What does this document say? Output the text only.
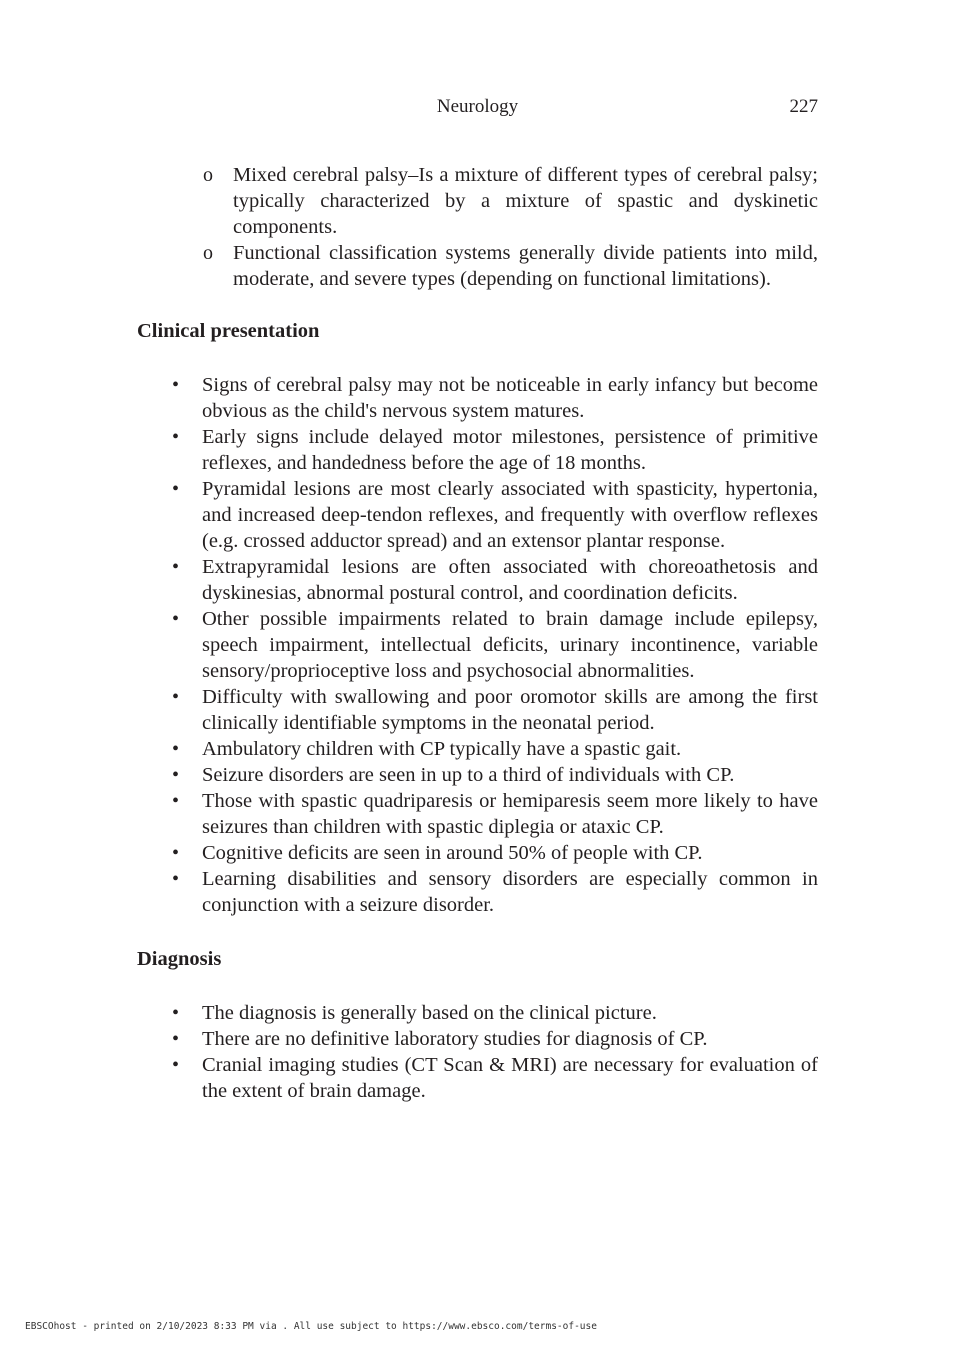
Neurology	227
o Mixed cerebral palsy–Is a mixture of different types of cerebral palsy; typically characterized by a mixture of spastic and dyskinetic components.
o Functional classification systems generally divide patients into mild, moderate, and severe types (depending on functional limitations).
Clinical presentation
• Signs of cerebral palsy may not be noticeable in early infancy but become obvious as the child's nervous system matures.
• Early signs include delayed motor milestones, persistence of primitive reflexes, and handedness before the age of 18 months.
• Pyramidal lesions are most clearly associated with spasticity, hypertonia, and increased deep-tendon reflexes, and frequently with overflow reflexes (e.g. crossed adductor spread) and an extensor plantar response.
• Extrapyramidal lesions are often associated with choreoathetosis and dyskinesias, abnormal postural control, and coordination deficits.
• Other possible impairments related to brain damage include epilepsy, speech impairment, intellectual deficits, urinary incontinence, variable sensory/proprioceptive loss and psychosocial abnormalities.
• Difficulty with swallowing and poor oromotor skills are among the first clinically identifiable symptoms in the neonatal period.
• Ambulatory children with CP typically have a spastic gait.
• Seizure disorders are seen in up to a third of individuals with CP.
• Those with spastic quadriparesis or hemiparesis seem more likely to have seizures than children with spastic diplegia or ataxic CP.
• Cognitive deficits are seen in around 50% of people with CP.
• Learning disabilities and sensory disorders are especially common in conjunction with a seizure disorder.
Diagnosis
• The diagnosis is generally based on the clinical picture.
• There are no definitive laboratory studies for diagnosis of CP.
• Cranial imaging studies (CT Scan & MRI) are necessary for evaluation of the extent of brain damage.
EBSCOhost - printed on 2/10/2023 8:33 PM via . All use subject to https://www.ebsco.com/terms-of-use
